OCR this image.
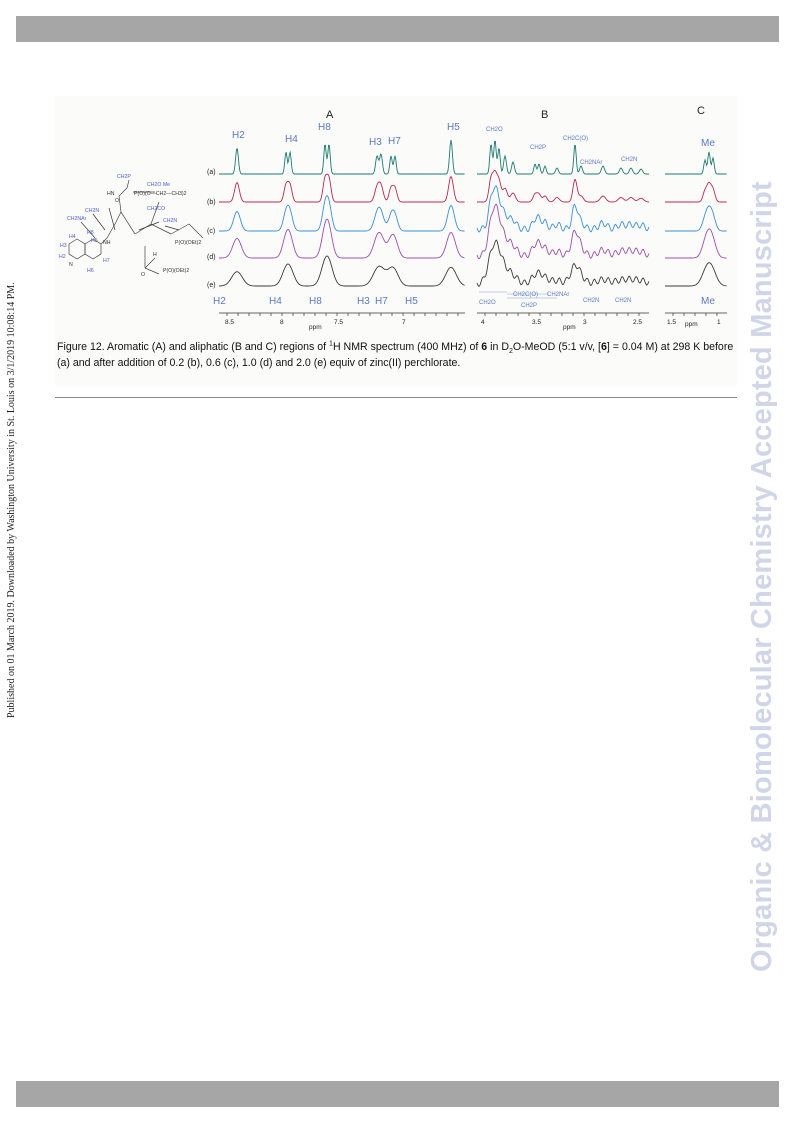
Published on 01 March 2019. Downloaded by Washington University in St. Louis on 3/1/2019 10:08:14 PM.	Organic & Biomolecular Chemistry Accepted Manuscript
CH2P
HN	P(O)(O—CH2—CH3)2
CH2O Me
CH2CO
CH2N
CH2NAr	CH2N
H8
H4
H3
H2
H5
H6
H7
N
NH	P(O)(OEt)2
P(O)(OEt)2
H
O
O
A	B	C
(a)
(b)
(c)
(d)
(e)
H2	H4
H8
H3 H7
H5
H2	H4	H8	H3 H7 H5
CH2O
CH2P
CH2C(O)
CH2NAr	CH2N
CH2O
CH2C(O)
CH2P
CH2NAr
CH2N	CH2N
Me
Me
8.5	8	7.5	7
ppm
4	3.5	3	2.5
ppm
1.5	1
ppm
Figure 12. Aromatic (A) and aliphatic (B and C) regions of $^1$H NMR spectrum (400 MHz) of 6 in $D_2O$-MeOD (5:1 v/v, [6] = 0.04 M) at 298 K before (a) and after addition of 0.2 (b), 0.6 (c), 1.0 (d) and 2.0 (e) equiv of zinc(II) perchlorate.
